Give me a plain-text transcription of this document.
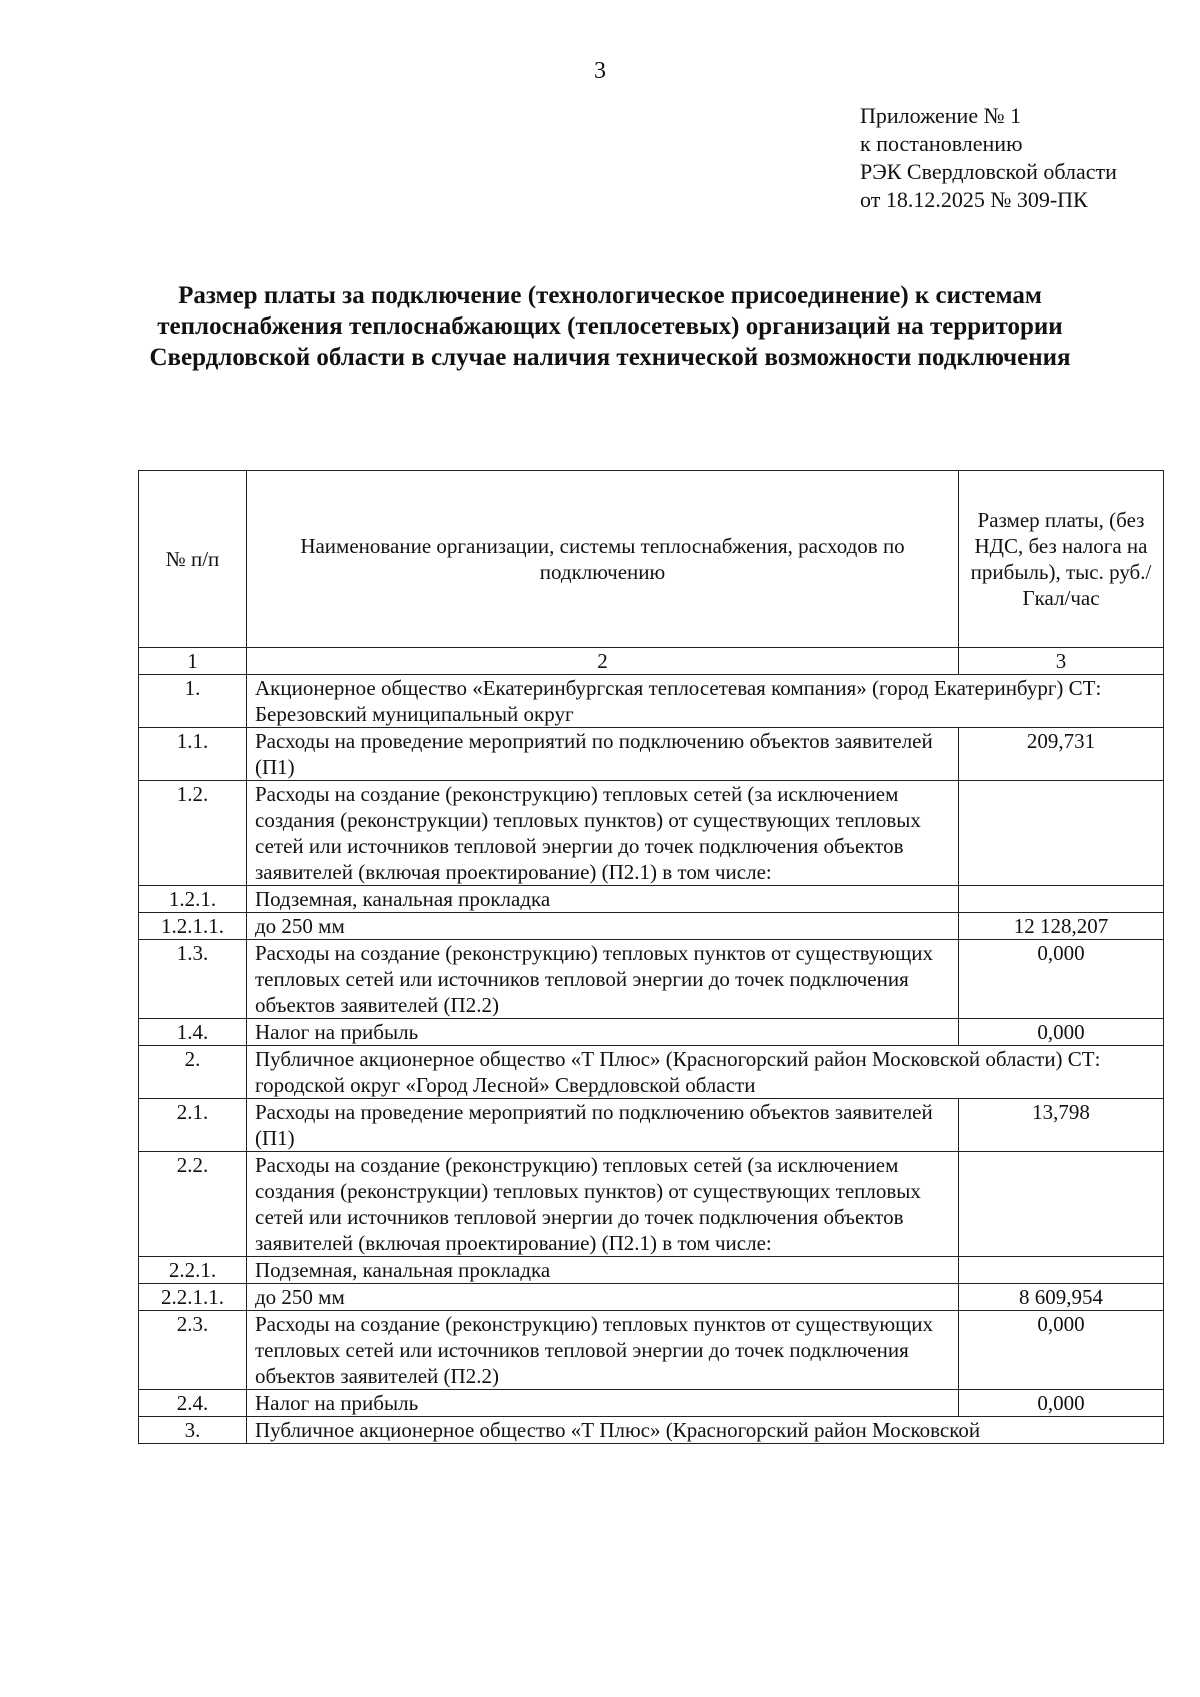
3
Приложение № 1
к постановлению
РЭК Свердловской области
от 18.12.2025 № 309-ПК
Размер платы за подключение (технологическое присоединение) к системам теплоснабжения теплоснабжающих (теплосетевых) организаций на территории Свердловской области в случае наличия технической возможности подключения
№ п/п	Наименование организации, системы теплоснабжения, расходов по подключению	Размер платы, (без НДС, без налога на прибыль), тыс. руб./Гкал/час
1	2	3
1.	Акционерное общество «Екатеринбургская теплосетевая компания» (город Екатеринбург) СТ: Березовский муниципальный округ	
1.1.	Расходы на проведение мероприятий по подключению объектов заявителей (П1)	209,731
1.2.	Расходы на создание (реконструкцию) тепловых сетей (за исключением создания (реконструкции) тепловых пунктов) от существующих тепловых сетей или источников тепловой энергии до точек подключения объектов заявителей (включая проектирование) (П2.1) в том числе:	
1.2.1.	Подземная, канальная прокладка	
1.2.1.1.	до 250 мм	12 128,207
1.3.	Расходы на создание (реконструкцию) тепловых пунктов от существующих тепловых сетей или источников тепловой энергии до точек подключения объектов заявителей (П2.2)	0,000
1.4.	Налог на прибыль	0,000
2.	Публичное акционерное общество «Т Плюс» (Красногорский район Московской области) СТ: городской округ «Город Лесной» Свердловской области	
2.1.	Расходы на проведение мероприятий по подключению объектов заявителей (П1)	13,798
2.2.	Расходы на создание (реконструкцию) тепловых сетей (за исключением создания (реконструкции) тепловых пунктов) от существующих тепловых сетей или источников тепловой энергии до точек подключения объектов заявителей (включая проектирование) (П2.1) в том числе:	
2.2.1.	Подземная, канальная прокладка	
2.2.1.1.	до 250 мм	8 609,954
2.3.	Расходы на создание (реконструкцию) тепловых пунктов от существующих тепловых сетей или источников тепловой энергии до точек подключения объектов заявителей (П2.2)	0,000
2.4.	Налог на прибыль	0,000
3.	Публичное акционерное общество «Т Плюс» (Красногорский район Московской	
